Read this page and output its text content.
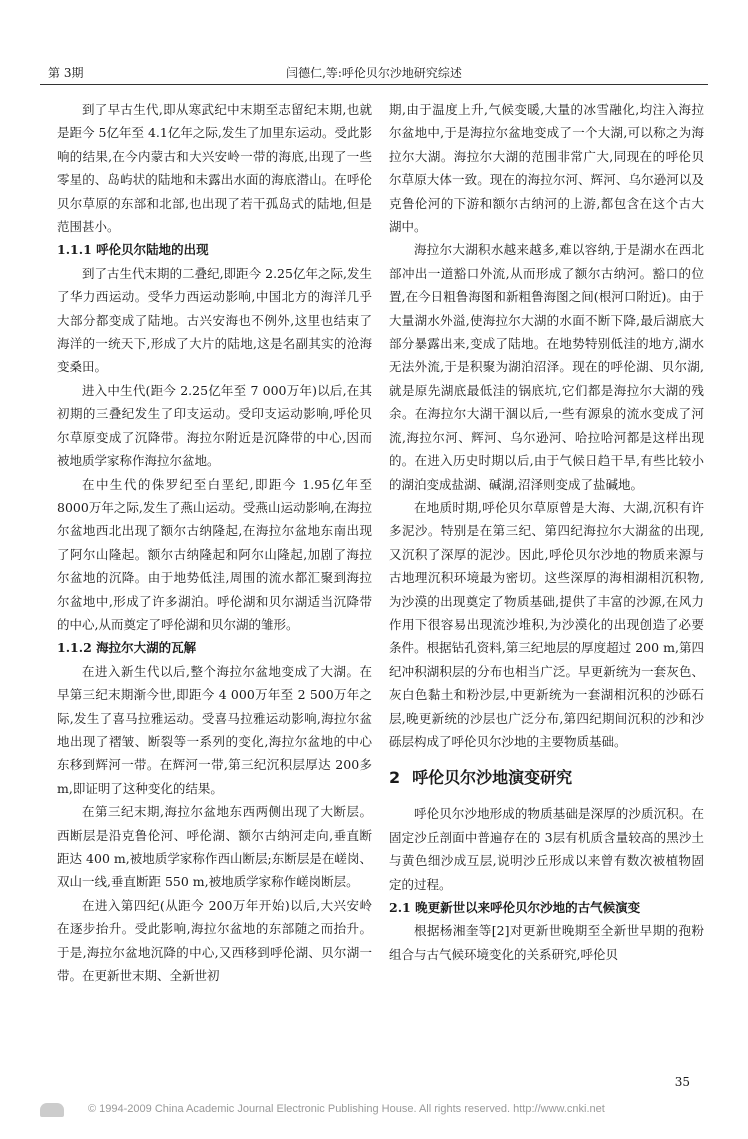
第 3期	闫德仁,等:呼伦贝尔沙地研究综述

到了早古生代,即从寒武纪中末期至志留纪末期,也就是距今 5亿年至 4.1亿年之际,发生了加里东运动。受此影响的结果,在今内蒙古和大兴安岭一带的海底,出现了一些零星的、岛屿状的陆地和未露出水面的海底潜山。在呼伦贝尔草原的东部和北部,也出现了若干孤岛式的陆地,但是范围甚小。

1.1.1 呼伦贝尔陆地的出现

到了古生代末期的二叠纪,即距今 2.25亿年之际,发生了华力西运动。受华力西运动影响,中国北方的海洋几乎大部分都变成了陆地。古兴安海也不例外,这里也结束了海洋的一统天下,形成了大片的陆地,这是名副其实的沧海变桑田。

进入中生代(距今 2.25亿年至 7 000万年)以后,在其初期的三叠纪发生了印支运动。受印支运动影响,呼伦贝尔草原变成了沉降带。海拉尔附近是沉降带的中心,因而被地质学家称作海拉尔盆地。

在中生代的侏罗纪至白垩纪,即距今 1.95亿年至 8000万年之际,发生了燕山运动。受燕山运动影响,在海拉尔盆地西北出现了额尔古纳隆起,在海拉尔盆地东南出现了阿尔山隆起。额尔古纳隆起和阿尔山隆起,加剧了海拉尔盆地的沉降。由于地势低洼,周围的流水都汇聚到海拉尔盆地中,形成了许多湖泊。呼伦湖和贝尔湖适当沉降带的中心,从而奠定了呼伦湖和贝尔湖的雏形。

1.1.2 海拉尔大湖的瓦解

在进入新生代以后,整个海拉尔盆地变成了大湖。在早第三纪末期渐今世,即距今 4 000万年至 2 500万年之际,发生了喜马拉雅运动。受喜马拉雅运动影响,海拉尔盆地出现了褶皱、断裂等一系列的变化,海拉尔盆地的中心东移到辉河一带。在辉河一带,第三纪沉积层厚达 200多 m,即证明了这种变化的结果。

在第三纪末期,海拉尔盆地东西两侧出现了大断层。西断层是沿克鲁伦河、呼伦湖、额尔古纳河走向,垂直断距达 400 m,被地质学家称作西山断层;东断层是在嵯岗、双山一线,垂直断距 550 m,被地质学家称作嵯岗断层。

在进入第四纪(从距今 200万年开始)以后,大兴安岭在逐步抬升。受此影响,海拉尔盆地的东部随之而抬升。于是,海拉尔盆地沉降的中心,又西移到呼伦湖、贝尔湖一带。在更新世末期、全新世初

期,由于温度上升,气候变暖,大量的冰雪融化,均注入海拉尔盆地中,于是海拉尔盆地变成了一个大湖,可以称之为海拉尔大湖。海拉尔大湖的范围非常广大,同现在的呼伦贝尔草原大体一致。现在的海拉尔河、辉河、乌尔逊河以及克鲁伦河的下游和额尔古纳河的上游,都包含在这个古大湖中。

海拉尔大湖积水越来越多,难以容纳,于是湖水在西北部冲出一道豁口外流,从而形成了额尔古纳河。豁口的位置,在今日粗鲁海图和新粗鲁海图之间(根河口附近)。由于大量湖水外溢,使海拉尔大湖的水面不断下降,最后湖底大部分暴露出来,变成了陆地。在地势特别低洼的地方,湖水无法外流,于是积聚为湖泊沼泽。现在的呼伦湖、贝尔湖,就是原先湖底最低洼的锅底坑,它们都是海拉尔大湖的残余。在海拉尔大湖干涸以后,一些有源泉的流水变成了河流,海拉尔河、辉河、乌尔逊河、哈拉哈河都是这样出现的。在进入历史时期以后,由于气候日趋干旱,有些比较小的湖泊变成盐湖、碱湖,沼泽则变成了盐碱地。

在地质时期,呼伦贝尔草原曾是大海、大湖,沉积有许多泥沙。特别是在第三纪、第四纪海拉尔大湖盆的出现,又沉积了深厚的泥沙。因此,呼伦贝尔沙地的物质来源与古地理沉积环境最为密切。这些深厚的海相湖相沉积物,为沙漠的出现奠定了物质基础,提供了丰富的沙源,在风力作用下很容易出现流沙堆积,为沙漠化的出现创造了必要条件。根据钻孔资料,第三纪地层的厚度超过 200 m,第四纪冲积湖积层的分布也相当广泛。早更新统为一套灰色、灰白色黏土和粉沙层,中更新统为一套湖相沉积的沙砾石层,晚更新统的沙层也广泛分布,第四纪期间沉积的沙和沙砾层构成了呼伦贝尔沙地的主要物质基础。

2 呼伦贝尔沙地演变研究

呼伦贝尔沙地形成的物质基础是深厚的沙质沉积。在固定沙丘剖面中普遍存在的 3层有机质含量较高的黑沙土与黄色细沙成互层,说明沙丘形成以来曾有数次被植物固定的过程。

2.1 晚更新世以来呼伦贝尔沙地的古气候演变

根据杨湘奎等[2]对更新世晚期至全新世早期的孢粉组合与古气候环境变化的关系研究,呼伦贝

35
© 1994-2009 China Academic Journal Electronic Publishing House. All rights reserved. http://www.cnki.net
